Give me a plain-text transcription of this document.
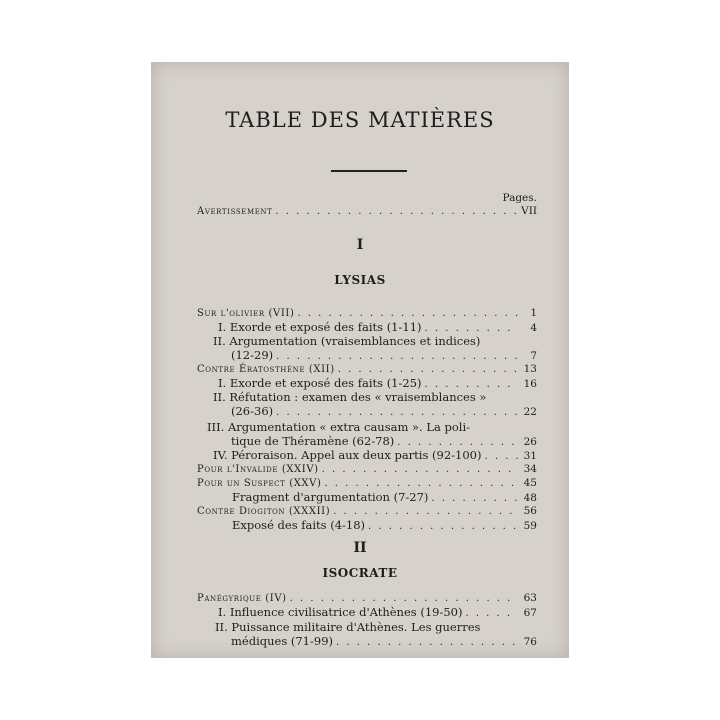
TABLE DES MATIÈRES
Pages.
Avertissement . . .	VII
I
LYSIAS
Sur l'olivier (VII) . . .	1
I. Exorde et exposé des faits (1-11) . . .	4
II. Argumentation (vraisemblances et indices)
(12-29) . . .	7
Contre Ératosthène (XII) . . .	13
I. Exorde et exposé des faits (1-25) . . .	16
II. Réfutation : examen des « vraisemblances »
(26-36) . . .	22
III. Argumentation « extra causam ». La poli-
tique de Théramène (62-78) . . .	26
IV. Péroraison. Appel aux deux partis (92-100) . . .	31
Pour l'Invalide (XXIV) . . .	34
Pour un Suspect (XXV) . . .	45
Fragment d'argumentation (7-27) . . .	48
Contre Diogiton (XXXII) . . .	56
Exposé des faits (4-18) . . .	59
II
ISOCRATE
Panégyrique (IV) . . .	63
I. Influence civilisatrice d'Athènes (19-50) . . .	67
II. Puissance militaire d'Athènes. Les guerres
médiques (71-99) . . .	76
